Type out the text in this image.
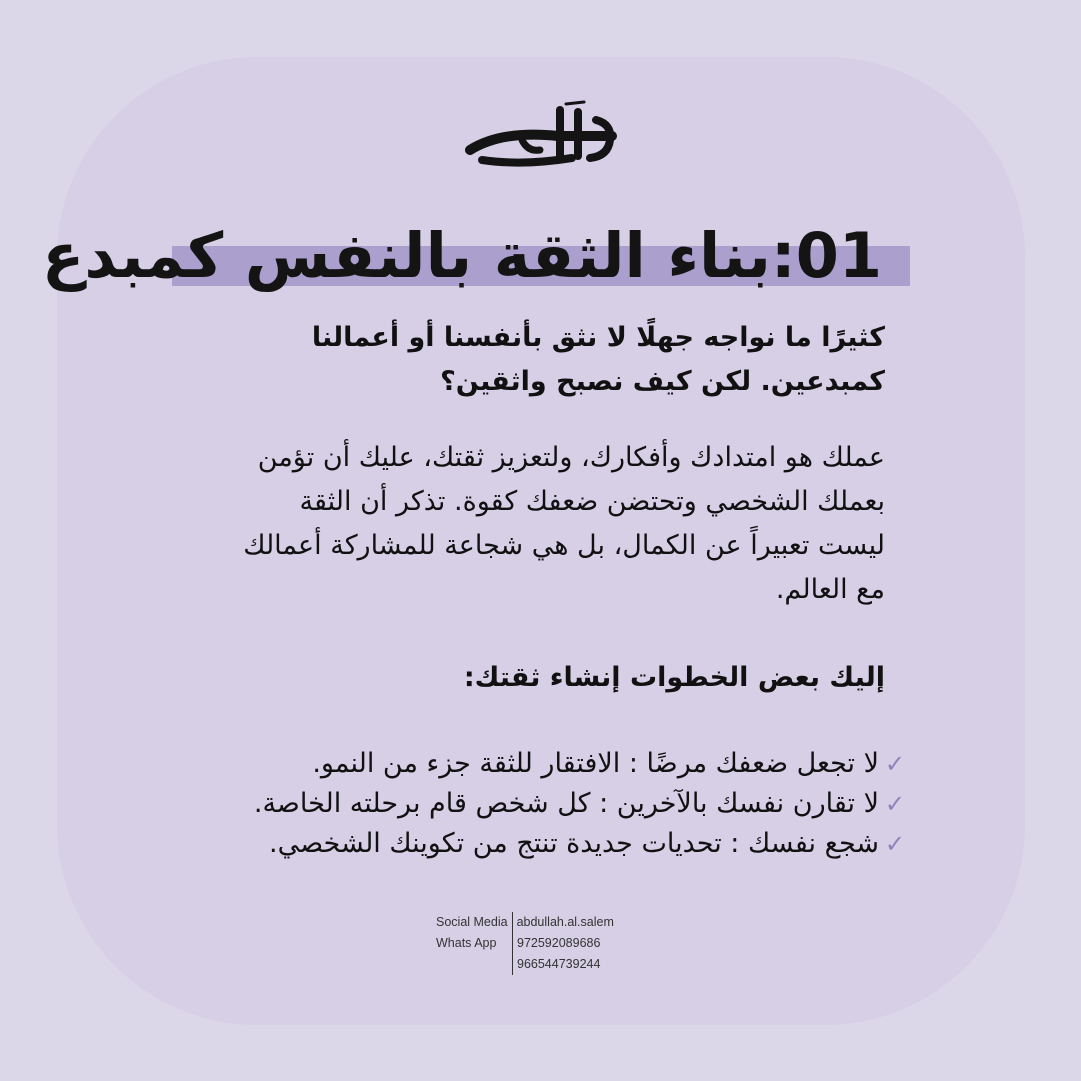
01:بناء الثقة بالنفس كمبدع

كثيرًا ما نواجه جهلًا لا نثق بأنفسنا أو أعمالنا كمبدعين. لكن كيف نصبح واثقين؟

عملك هو امتدادك وأفكارك، ولتعزيز ثقتك، عليك أن تؤمن بعملك الشخصي وتحتضن ضعفك كقوة. تذكر أن الثقة ليست تعبيراً عن الكمال، بل هي شجاعة للمشاركة أعمالك مع العالم.

إليك بعض الخطوات إنشاء ثقتك:

✓
لا تجعل ضعفك مرضًا : الافتقار للثقة جزء من النمو.
✓
لا تقارن نفسك بالآخرين : كل شخص قام برحلته الخاصة.
✓
شجع نفسك : تحديات جديدة تنتج من تكوينك الشخصي.
Social Media abdullah.al.salem
Whats App	972592089686
966544739244
